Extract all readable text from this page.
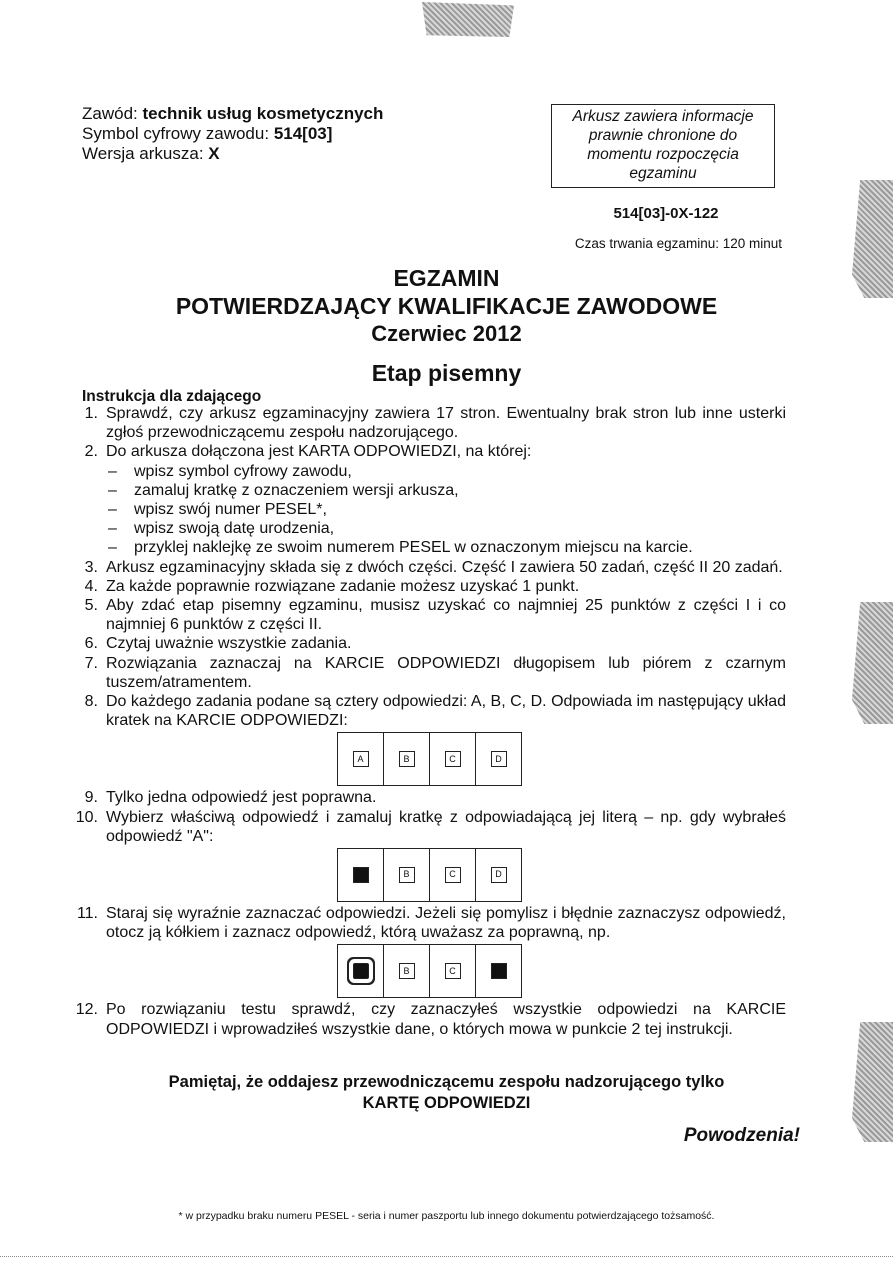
Zawód: technik usług kosmetycznych
Symbol cyfrowy zawodu: 514[03]
Wersja arkusza: X
Arkusz zawiera informacje
prawnie chronione do
momentu rozpoczęcia
egzaminu
514[03]-0X-122
Czas trwania egzaminu: 120 minut
EGZAMIN
POTWIERDZAJĄCY KWALIFIKACJE ZAWODOWE
Czerwiec 2012
Etap pisemny
Instrukcja dla zdającego
1. Sprawdź, czy arkusz egzaminacyjny zawiera 17 stron. Ewentualny brak stron lub inne usterki zgłoś przewodniczącemu zespołu nadzorującego.
2. Do arkusza dołączona jest KARTA ODPOWIEDZI, na której:
– wpisz symbol cyfrowy zawodu,
– zamaluj kratkę z oznaczeniem wersji arkusza,
– wpisz swój numer PESEL*,
– wpisz swoją datę urodzenia,
– przyklej naklejkę ze swoim numerem PESEL w oznaczonym miejscu na karcie.
3. Arkusz egzaminacyjny składa się z dwóch części. Część I zawiera 50 zadań, część II 20 zadań.
4. Za każde poprawnie rozwiązane zadanie możesz uzyskać 1 punkt.
5. Aby zdać etap pisemny egzaminu, musisz uzyskać co najmniej 25 punktów z części I i co najmniej 6 punktów z części II.
6. Czytaj uważnie wszystkie zadania.
7. Rozwiązania zaznaczaj na KARCIE ODPOWIEDZI długopisem lub piórem z czarnym tuszem/atramentem.
8. Do każdego zadania podane są cztery odpowiedzi: A, B, C, D. Odpowiada im następujący układ kratek na KARCIE ODPOWIEDZI:
A	B	C	D
9. Tylko jedna odpowiedź jest poprawna.
10. Wybierz właściwą odpowiedź i zamaluj kratkę z odpowiadającą jej literą – np. gdy wybrałeś odpowiedź "A":
A	B	C	D
11. Staraj się wyraźnie zaznaczać odpowiedzi. Jeżeli się pomylisz i błędnie zaznaczysz odpowiedź, otocz ją kółkiem i zaznacz odpowiedź, którą uważasz za poprawną, np.
A	B	C	D
12. Po rozwiązaniu testu sprawdź, czy zaznaczyłeś wszystkie odpowiedzi na KARCIE ODPOWIEDZI i wprowadziłeś wszystkie dane, o których mowa w punkcie 2 tej instrukcji.
Pamiętaj, że oddajesz przewodniczącemu zespołu nadzorującego tylko
KARTĘ ODPOWIEDZI
Powodzenia!
* w przypadku braku numeru PESEL - seria i numer paszportu lub innego dokumentu potwierdzającego tożsamość.
